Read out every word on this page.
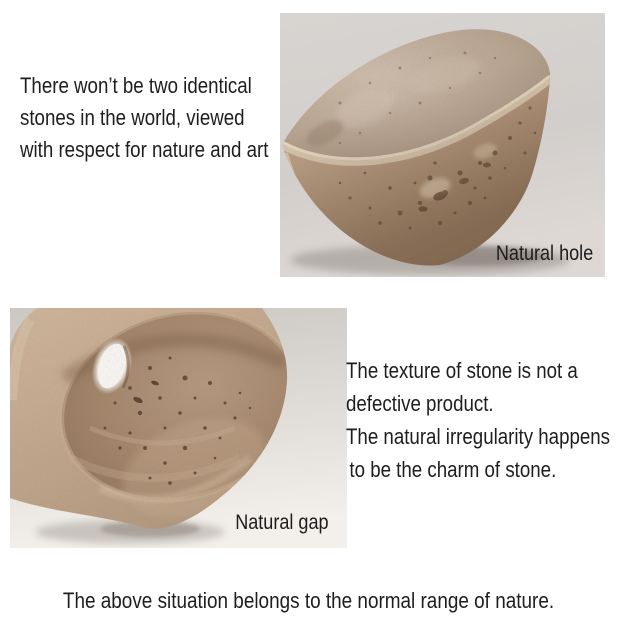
There won’t be two identical
stones in the world, viewed
with respect for nature and art
Natural hole
Natural gap
The texture of stone is not a
defective product.
The natural irregularity happens
to be the charm of stone.
The above situation belongs to the normal range of nature.
